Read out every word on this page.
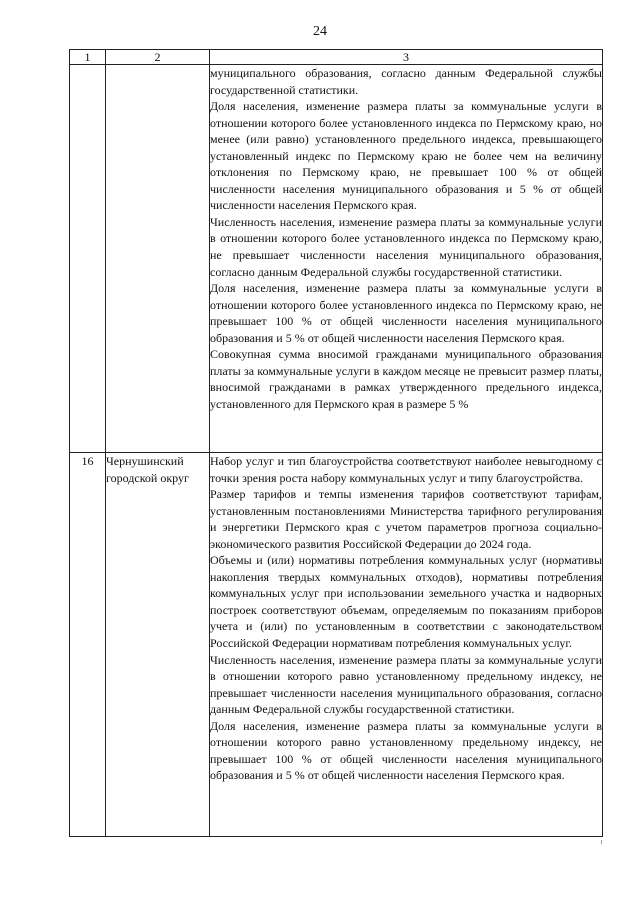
24
1	2	3

		муниципального образования, согласно данным Федеральной службы государственной статистики.
Доля населения, изменение размера платы за коммунальные услуги в отношении которого более установленного индекса по Пермскому краю, но менее (или равно) установленного предельного индекса, превышающего установленный индекс по Пермскому краю не более чем на величину отклонения по Пермскому краю, не превышает 100 % от общей численности населения муниципального образования и 5 % от общей численности населения Пермского края.
Численность населения, изменение размера платы за коммунальные услуги в отношении которого более установленного индекса по Пермскому краю, не превышает численности населения муниципального образования, согласно данным Федеральной службы государственной статистики.
Доля населения, изменение размера платы за коммунальные услуги в отношении которого более установленного индекса по Пермскому краю, не превышает 100 % от общей численности населения муниципального образования и 5 % от общей численности населения Пермского края.
Совокупная сумма вносимой гражданами муниципального образования платы за коммунальные услуги в каждом месяце не превысит размер платы, вносимой гражданами в рамках утвержденного предельного индекса, установленного для Пермского края в размере 5 %

16	Чернушинский городской округ	Набор услуг и тип благоустройства соответствуют наиболее невыгодному с точки зрения роста набору коммунальных услуг и типу благоустройства.
Размер тарифов и темпы изменения тарифов соответствуют тарифам, установленным постановлениями Министерства тарифного регулирования и энергетики Пермского края с учетом параметров прогноза социально-экономического развития Российской Федерации до 2024 года.
Объемы и (или) нормативы потребления коммунальных услуг (нормативы накопления твердых коммунальных отходов), нормативы потребления коммунальных услуг при использовании земельного участка и надворных построек соответствуют объемам, определяемым по показаниям приборов учета и (или) по установленным в соответствии с законодательством Российской Федерации нормативам потребления коммунальных услуг.
Численность населения, изменение размера платы за коммунальные услуги в отношении которого равно установленному предельному индексу, не превышает численности населения муниципального образования, согласно данным Федеральной службы государственной статистики.
Доля населения, изменение размера платы за коммунальные услуги в отношении которого равно установленному предельному индексу, не превышает 100 % от общей численности населения муниципального образования и 5 % от общей численности населения Пермского края.
